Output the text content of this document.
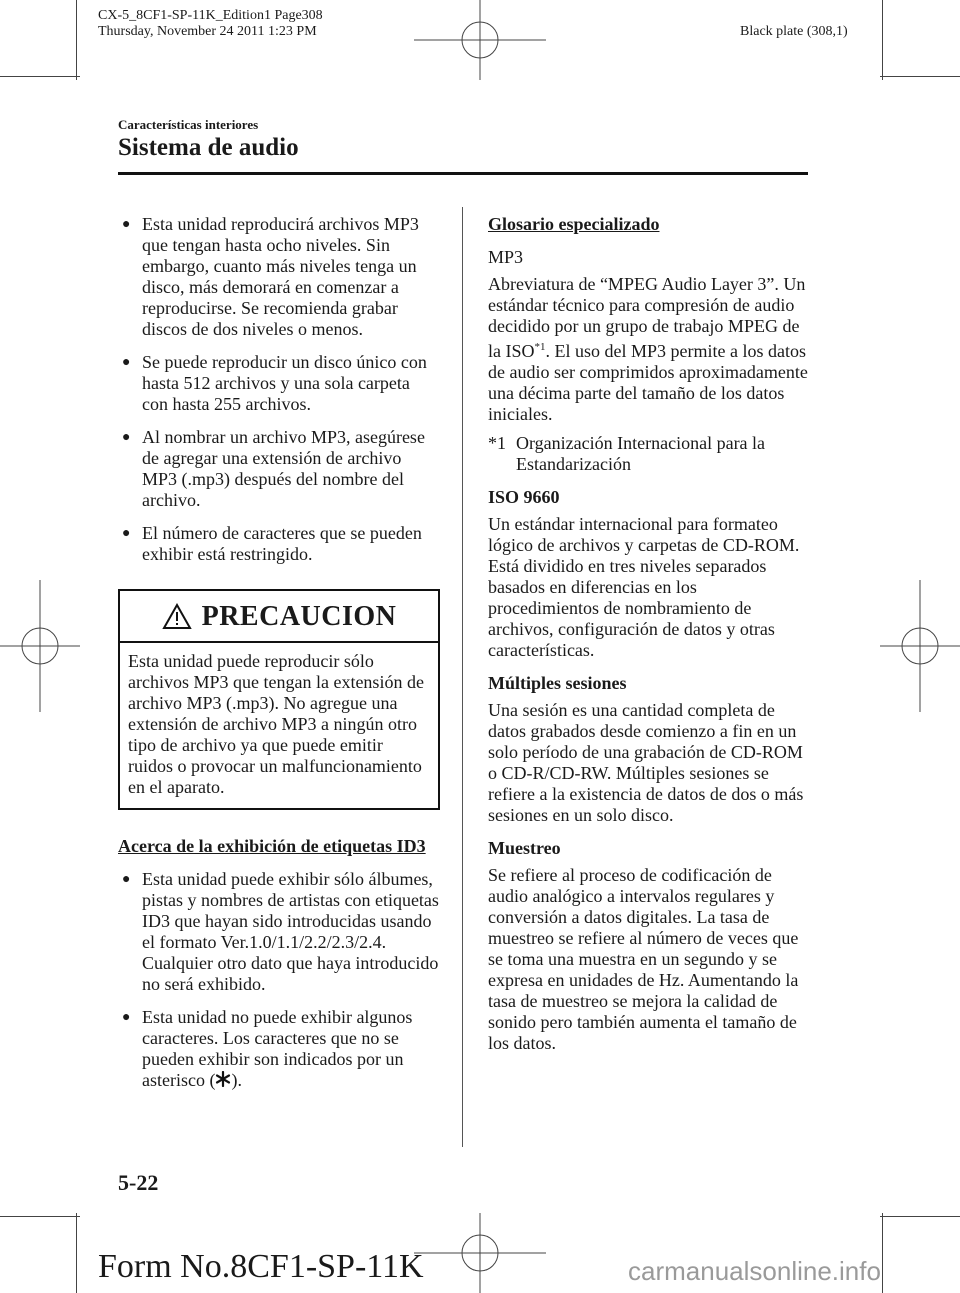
CX-5_8CF1-SP-11K_Edition1 Page308
Thursday, November 24 2011 1:23 PM	Black plate (308,1)
Características interiores
Sistema de audio
● Esta unidad reproducirá archivos MP3 que tengan hasta ocho niveles. Sin embargo, cuanto más niveles tenga un disco, más demorará en comenzar a reproducirse. Se recomienda grabar discos de dos niveles o menos.
● Se puede reproducir un disco único con hasta 512 archivos y una sola carpeta con hasta 255 archivos.
● Al nombrar un archivo MP3, asegúrese de agregar una extensión de archivo MP3 (.mp3) después del nombre del archivo.
● El número de caracteres que se pueden exhibir está restringido.
PRECAUCION
Esta unidad puede reproducir sólo archivos MP3 que tengan la extensión de archivo MP3 (.mp3). No agregue una extensión de archivo MP3 a ningún otro tipo de archivo ya que puede emitir ruidos o provocar un malfuncionamiento en el aparato.
Acerca de la exhibición de etiquetas ID3
● Esta unidad puede exhibir sólo álbumes, pistas y nombres de artistas con etiquetas ID3 que hayan sido introducidas usando el formato Ver.1.0/1.1/2.2/2.3/2.4. Cualquier otro dato que haya introducido no será exhibido.
● Esta unidad no puede exhibir algunos caracteres. Los caracteres que no se pueden exhibir son indicados por un asterisco ( ).
Glosario especializado
MP3
Abreviatura de “MPEG Audio Layer 3”. Un estándar técnico para compresión de audio decidido por un grupo de trabajo MPEG de la ISO$^{*1}$. El uso del MP3 permite a los datos de audio ser comprimidos aproximadamente una décima parte del tamaño de los datos iniciales.
*1 Organización Internacional para la Estandarización
ISO 9660
Un estándar internacional para formateo lógico de archivos y carpetas de CD-ROM. Está dividido en tres niveles separados basados en diferencias en los procedimientos de nombramiento de archivos, configuración de datos y otras características.
Múltiples sesiones
Una sesión es una cantidad completa de datos grabados desde comienzo a fin en un solo período de una grabación de CD-ROM o CD-R/CD-RW. Múltiples sesiones se refiere a la existencia de datos de dos o más sesiones en un solo disco.
Muestreo
Se refiere al proceso de codificación de audio analógico a intervalos regulares y conversión a datos digitales. La tasa de muestreo se refiere al número de veces que se toma una muestra en un segundo y se expresa en unidades de Hz. Aumentando la tasa de muestreo se mejora la calidad de sonido pero también aumenta el tamaño de los datos.
5-22
Form No.8CF1-SP-11K	carmanualsonline.info
